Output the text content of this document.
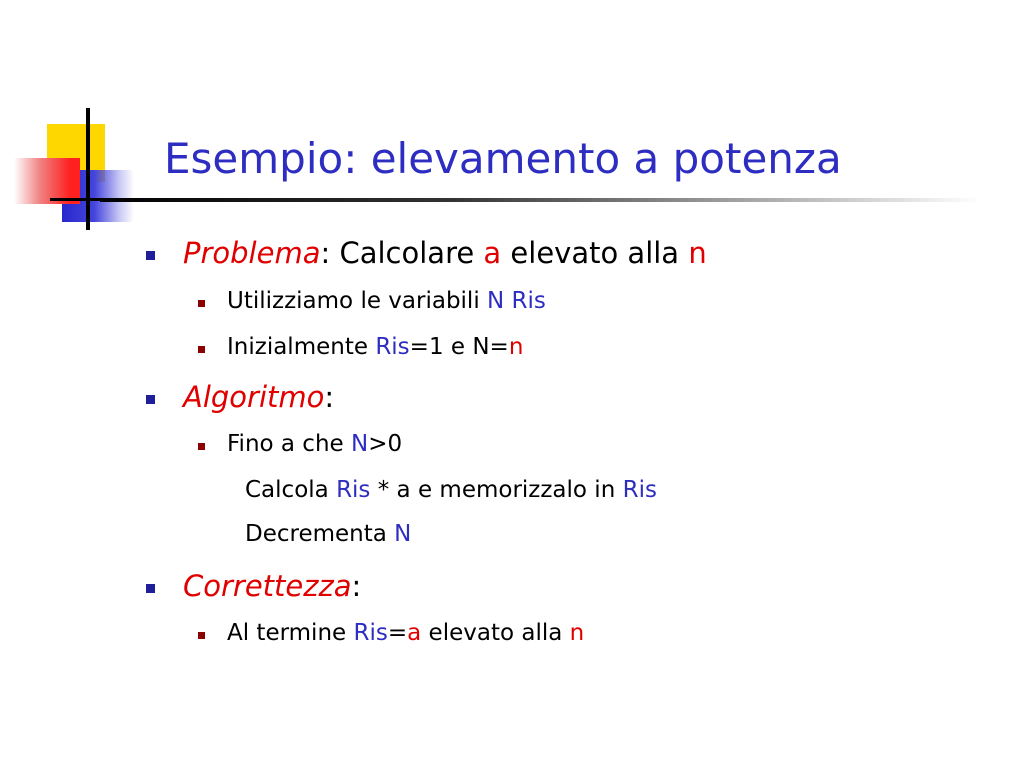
Esempio: elevamento a potenza
Problema: Calcolare a elevato alla n
Utilizziamo le variabili N Ris
Inizialmente Ris=1 e N=n
Algoritmo:
Fino a che N>0
Calcola Ris * a e memorizzalo in Ris
Decrementa N
Correttezza:
Al termine Ris=a elevato alla n
